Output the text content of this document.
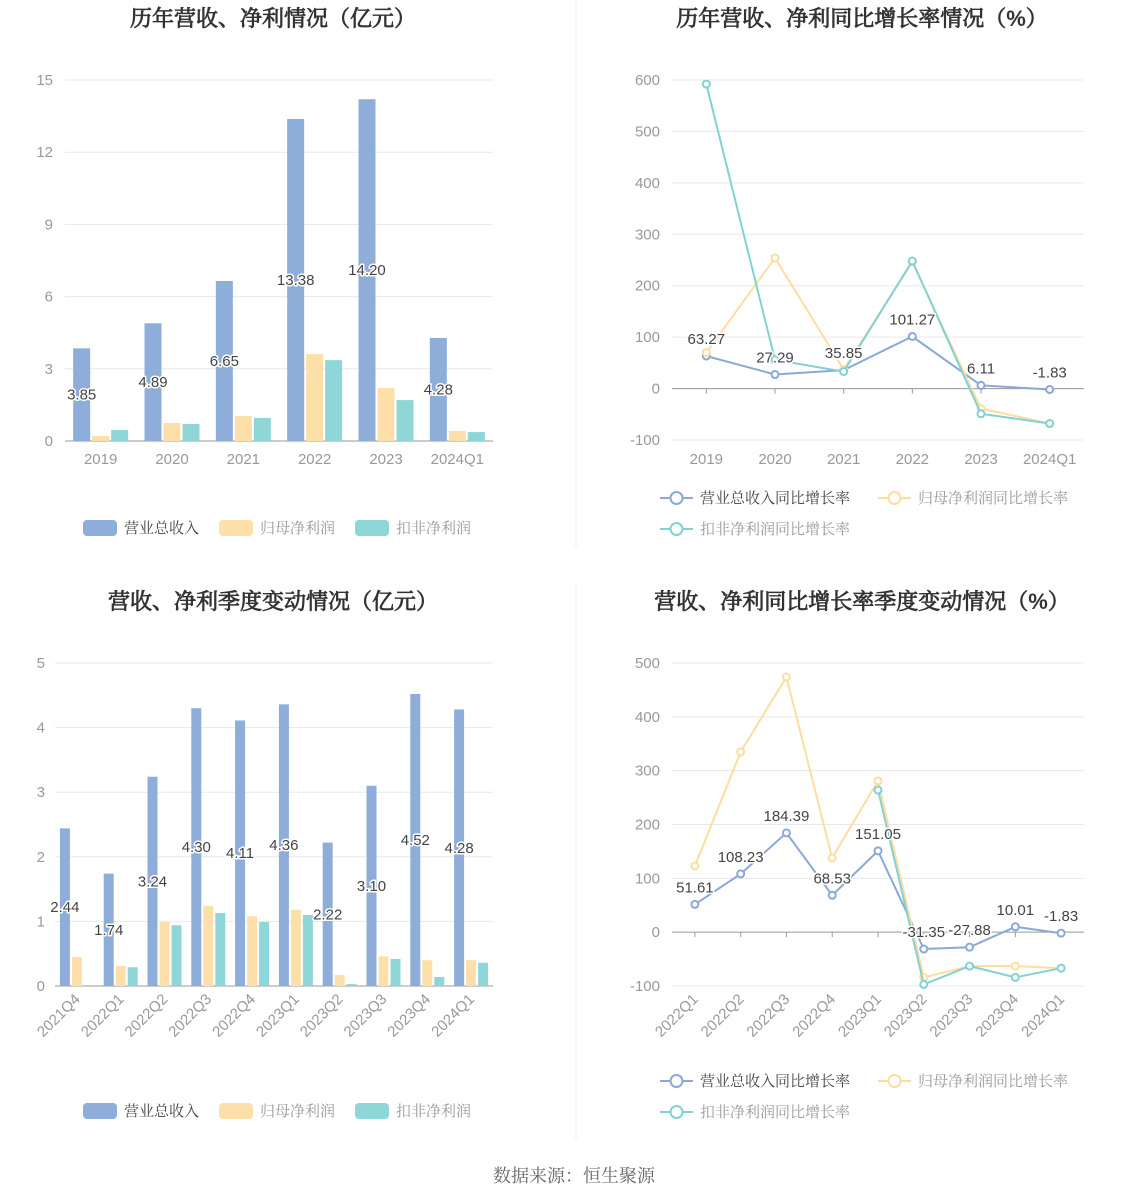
历年营收、净利情况（亿元）
0
3
6
9
12
15
2019	2020	2021	2022	2023 2024Q1
3.85
4.89
6.65
13.38
14.20
4.28
营业总收入	归母净利润	扣非净利润
历年营收、净利同比增长率情况（%）
-100
0
100
200
300
400
500
600
2019 2020 2021 2022 2023 2024Q1
63.27
27.29 35.85
101.27
6.11	-1.83
营业总收入同比增长率	归母净利润同比增长率
扣非净利润同比增长率
营收、净利季度变动情况（亿元）
0
1
2
3
4
5
2021Q4
2022Q1
2022Q2
2022Q3
2022Q4
2023Q1
2023Q2
2023Q3
2023Q4
2024Q1
2.44
1.74
3.24
4.30 4.11 4.36
2.22
3.10
4.52 4.28
营业总收入	归母净利润	扣非净利润
营收、净利同比增长率季度变动情况（%）
-100
0
100
200
300
400
500
2022Q1
2022Q2
2022Q3
2022Q4
2023Q1
2023Q2
2023Q3
2023Q4
2024Q1
51.61
108.23
184.39
68.53
151.05
-31.35 -27.88
10.01 -1.83
营业总收入同比增长率	归母净利润同比增长率
扣非净利润同比增长率
数据来源：恒生聚源
